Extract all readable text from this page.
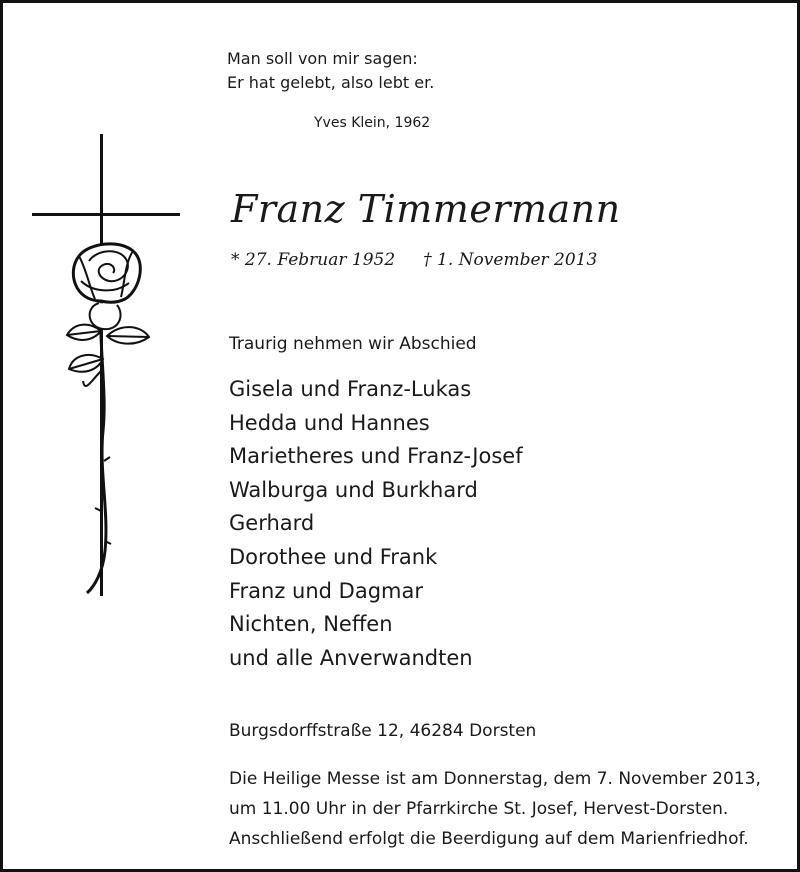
Man soll von mir sagen:
Er hat gelebt, also lebt er.
Yves Klein, 1962
Franz Timmermann
* 27. Februar 1952 † 1. November 2013
Traurig nehmen wir Abschied
Gisela und Franz-Lukas
Hedda und Hannes
Marietheres und Franz-Josef
Walburga und Burkhard
Gerhard
Dorothee und Frank
Franz und Dagmar
Nichten, Neffen
und alle Anverwandten
Burgsdorffstraße 12, 46284 Dorsten
Die Heilige Messe ist am Donnerstag, dem 7. November 2013,
um 11.00 Uhr in der Pfarrkirche St. Josef, Hervest-Dorsten.
Anschließend erfolgt die Beerdigung auf dem Marienfriedhof.
